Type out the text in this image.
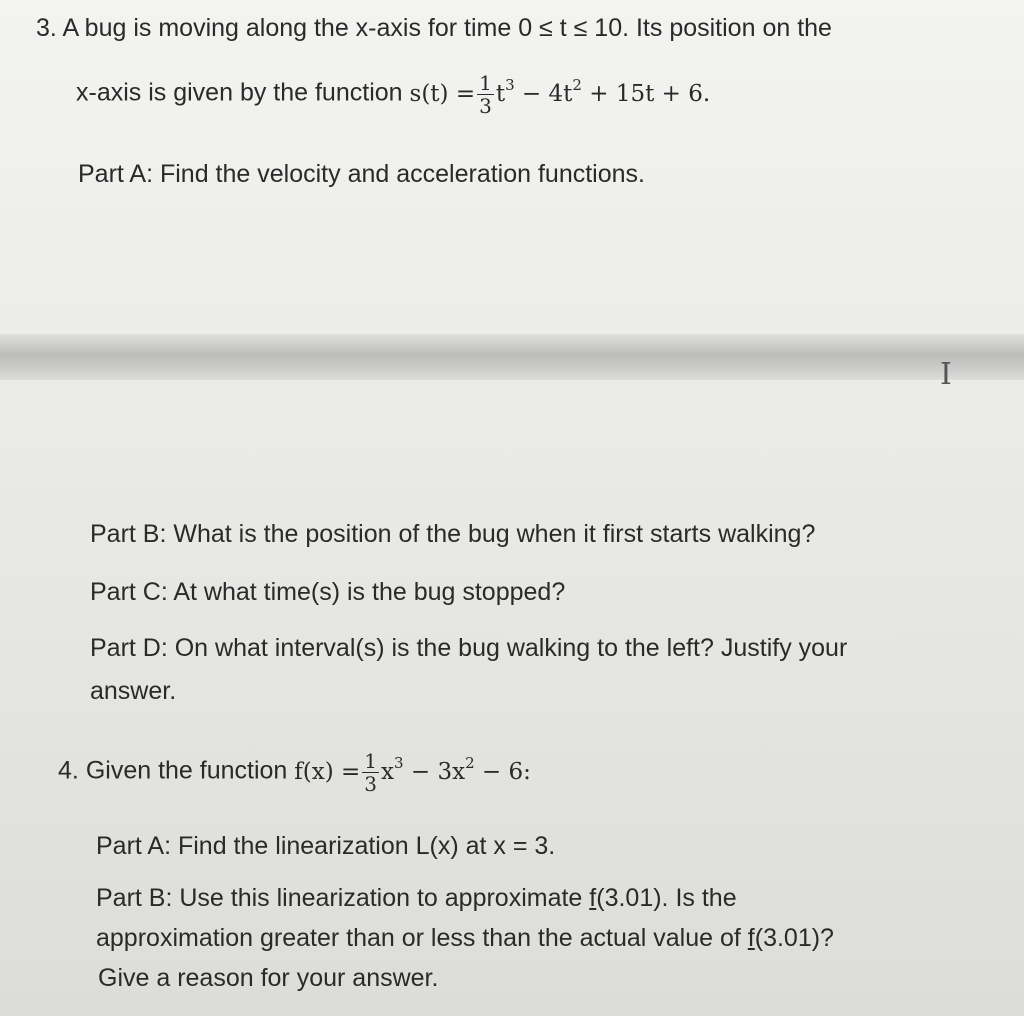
3. A bug is moving along the x-axis for time 0 ≤ t ≤ 10. Its position on the
x-axis is given by the function $s(t) = \frac{1}{3} t^3 - 4t^2 + 15t + 6$.
Part A: Find the velocity and acceleration functions.
I
Part B: What is the position of the bug when it first starts walking?
Part C: At what time(s) is the bug stopped?
Part D: On what interval(s) is the bug walking to the left? Justify your
answer.
4. Given the function $f(x) = \frac{1}{3} x^3 - 3x^2 - 6$:
Part A: Find the linearization L(x) at x = 3.
Part B: Use this linearization to approximate f(3.01). Is the
approximation greater than or less than the actual value of f(3.01)?
Give a reason for your answer.
